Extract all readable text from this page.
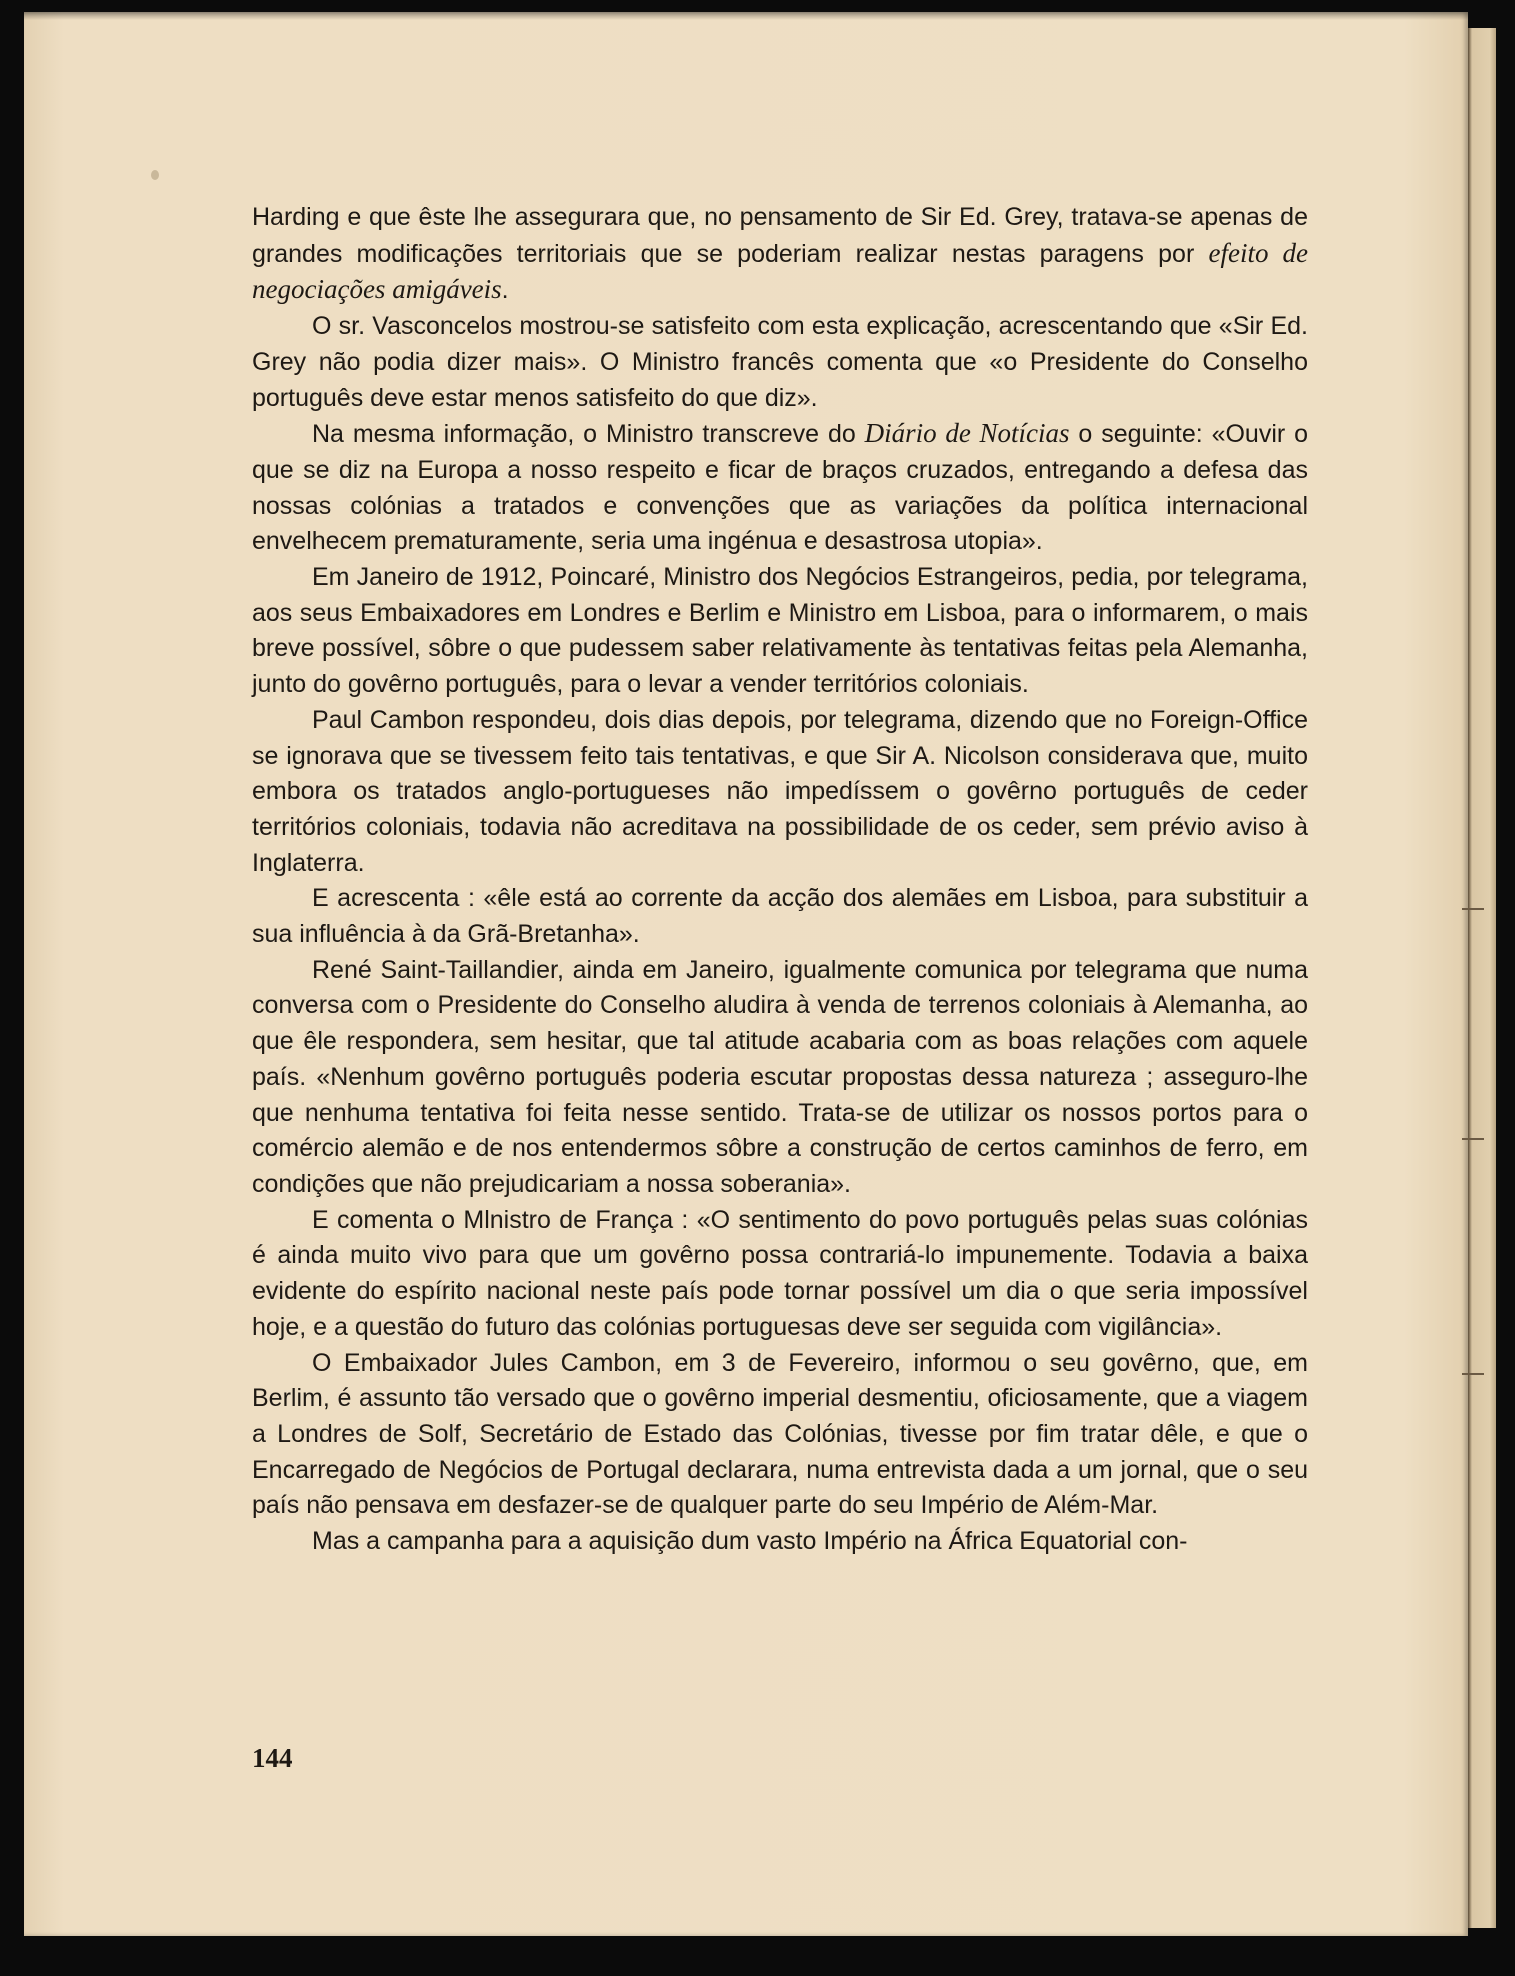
Harding e que êste lhe assegurara que, no pensamento de Sir Ed. Grey, tratava-se apenas de grandes modificações territoriais que se poderiam realizar nestas paragens por efeito de negociações amigáveis.

O sr. Vasconcelos mostrou-se satisfeito com esta explicação, acrescentando que «Sir Ed. Grey não podia dizer mais». O Ministro francês comenta que «o Presidente do Conselho português deve estar menos satisfeito do que diz».

Na mesma informação, o Ministro transcreve do Diário de Notícias o seguinte: «Ouvir o que se diz na Europa a nosso respeito e ficar de braços cruzados, entregando a defesa das nossas colónias a tratados e convenções que as variações da política internacional envelhecem prematuramente, seria uma ingénua e desastrosa utopia».

Em Janeiro de 1912, Poincaré, Ministro dos Negócios Estrangeiros, pedia, por telegrama, aos seus Embaixadores em Londres e Berlim e Ministro em Lisboa, para o informarem, o mais breve possível, sôbre o que pudessem saber relativamente às tentativas feitas pela Alemanha, junto do govêrno português, para o levar a vender territórios coloniais.

Paul Cambon respondeu, dois dias depois, por telegrama, dizendo que no Foreign-Office se ignorava que se tivessem feito tais tentativas, e que Sir A. Nicolson considerava que, muito embora os tratados anglo-portugueses não impedíssem o govêrno português de ceder territórios coloniais, todavia não acreditava na possibilidade de os ceder, sem prévio aviso à Inglaterra.

E acrescenta : «êle está ao corrente da acção dos alemães em Lisboa, para substituir a sua influência à da Grã-Bretanha».

René Saint-Taillandier, ainda em Janeiro, igualmente comunica por telegrama que numa conversa com o Presidente do Conselho aludira à venda de terrenos coloniais à Alemanha, ao que êle respondera, sem hesitar, que tal atitude acabaria com as boas relações com aquele país. «Nenhum govêrno português poderia escutar propostas dessa natureza ; asseguro-lhe que nenhuma tentativa foi feita nesse sentido. Trata-se de utilizar os nossos portos para o comércio alemão e de nos entendermos sôbre a construção de certos caminhos de ferro, em condições que não prejudicariam a nossa soberania».

E comenta o Mlnistro de França : «O sentimento do povo português pelas suas colónias é ainda muito vivo para que um govêrno possa contrariá-lo impunemente. Todavia a baixa evidente do espírito nacional neste país pode tornar possível um dia o que seria impossível hoje, e a questão do futuro das colónias portuguesas deve ser seguida com vigilância».

O Embaixador Jules Cambon, em 3 de Fevereiro, informou o seu govêrno, que, em Berlim, é assunto tão versado que o govêrno imperial desmentiu, oficiosamente, que a viagem a Londres de Solf, Secretário de Estado das Colónias, tivesse por fim tratar dêle, e que o Encarregado de Negócios de Portugal declarara, numa entrevista dada a um jornal, que o seu país não pensava em desfazer-se de qualquer parte do seu Império de Além-Mar.

Mas a campanha para a aquisição dum vasto Império na África Equatorial con-

144
